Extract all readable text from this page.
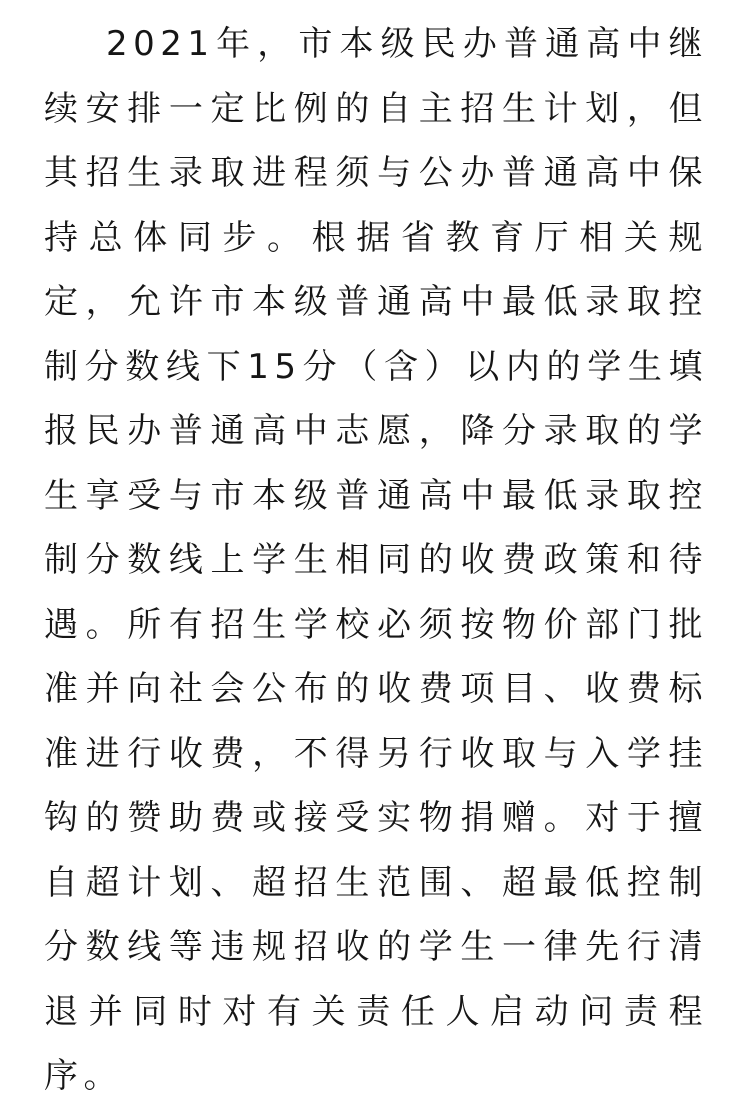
2021年，市本级民办普通高中继续安排一定比例的自主招生计划，但其招生录取进程须与公办普通高中保持总体同步。根据省教育厅相关规定，允许市本级普通高中最低录取控制分数线下15分（含）以内的学生填报民办普通高中志愿，降分录取的学生享受与市本级普通高中最低录取控制分数线上学生相同的收费政策和待遇。所有招生学校必须按物价部门批准并向社会公布的收费项目、收费标准进行收费，不得另行收取与入学挂钩的赞助费或接受实物捐赠。对于擅自超计划、超招生范围、超最低控制分数线等违规招收的学生一律先行清退并同时对有关责任人启动问责程序。
